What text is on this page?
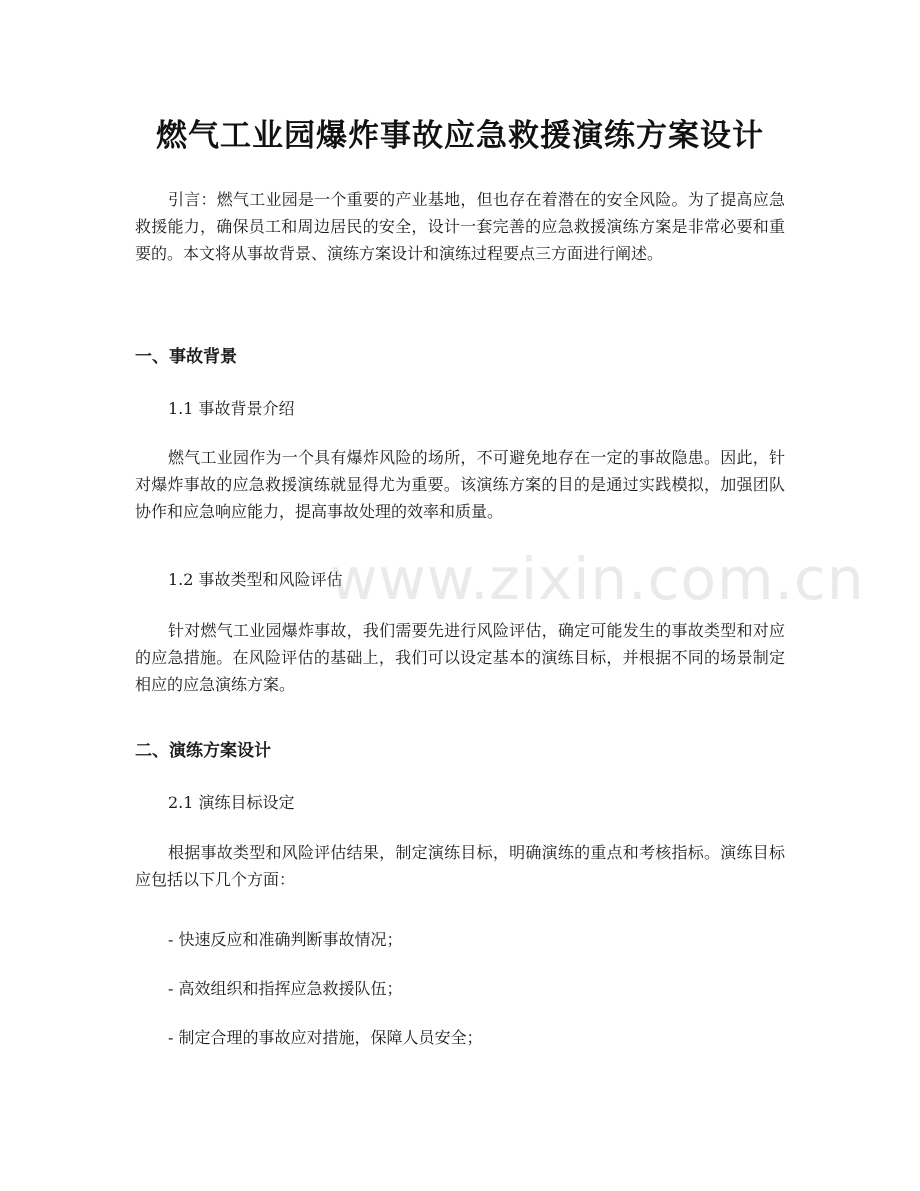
燃气工业园爆炸事故应急救援演练方案设计

引言：燃气工业园是一个重要的产业基地，但也存在着潜在的安全风险。为了提高应急救援能力，确保员工和周边居民的安全，设计一套完善的应急救援演练方案是非常必要和重要的。本文将从事故背景、演练方案设计和演练过程要点三方面进行阐述。

一、事故背景

1.1 事故背景介绍

燃气工业园作为一个具有爆炸风险的场所，不可避免地存在一定的事故隐患。因此，针对爆炸事故的应急救援演练就显得尤为重要。该演练方案的目的是通过实践模拟，加强团队协作和应急响应能力，提高事故处理的效率和质量。

1.2 事故类型和风险评估

针对燃气工业园爆炸事故，我们需要先进行风险评估，确定可能发生的事故类型和对应的应急措施。在风险评估的基础上，我们可以设定基本的演练目标，并根据不同的场景制定相应的应急演练方案。

二、演练方案设计

2.1 演练目标设定

根据事故类型和风险评估结果，制定演练目标，明确演练的重点和考核指标。演练目标应包括以下几个方面：

- 快速反应和准确判断事故情况；

- 高效组织和指挥应急救援队伍；

- 制定合理的事故应对措施，保障人员安全；

www.zixin.com.cn
